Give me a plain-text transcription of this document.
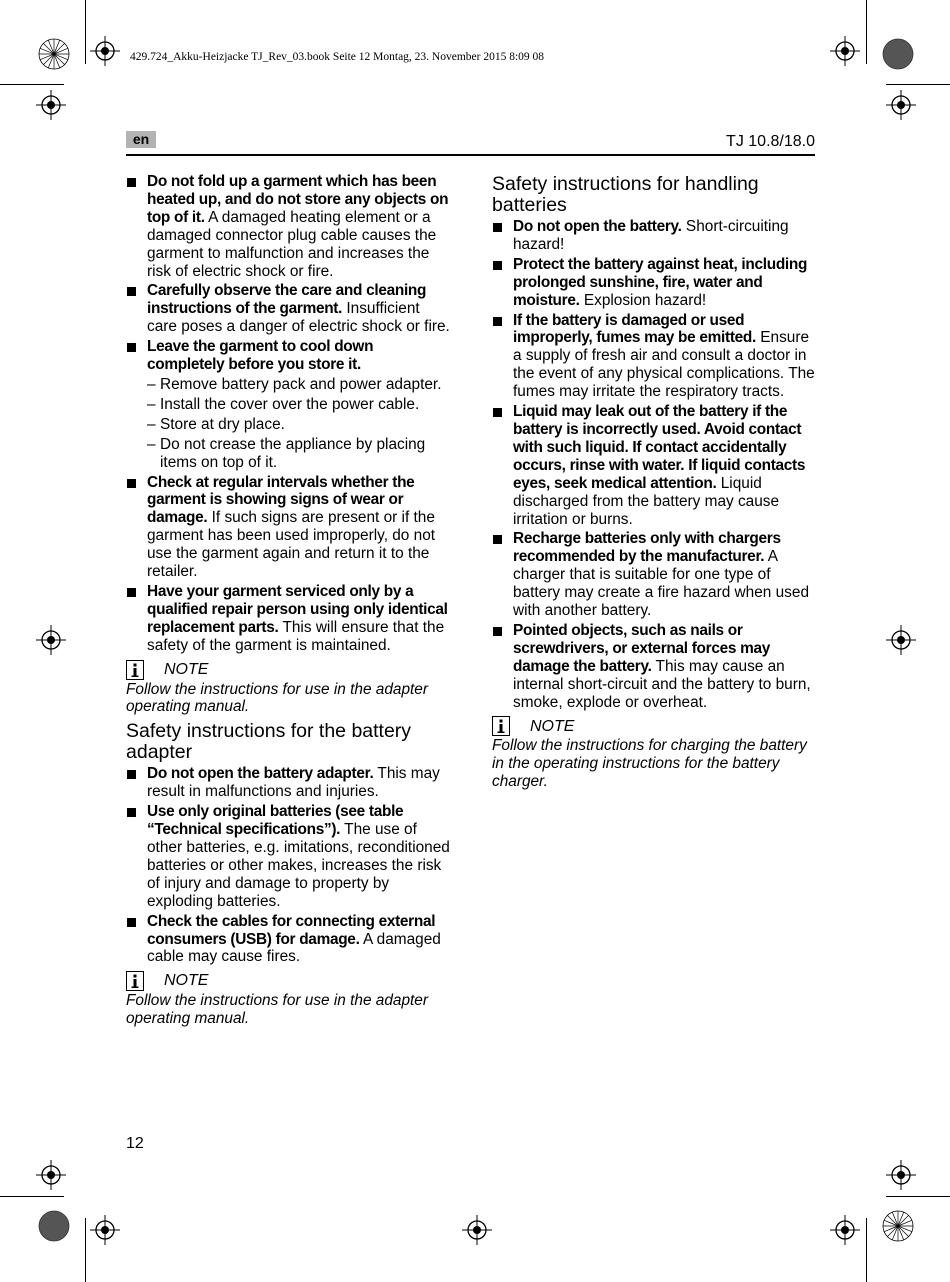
429.724_Akku-Heizjacke TJ_Rev_03.book Seite 12 Montag, 23. November 2015 8:09 08
en	TJ 10.8/18.0
Do not fold up a garment which has been heated up, and do not store any objects on top of it. A damaged heating element or a damaged connector plug cable causes the garment to malfunction and increases the risk of electric shock or fire.
Carefully observe the care and cleaning instructions of the garment. Insufficient care poses a danger of electric shock or fire.
Leave the garment to cool down completely before you store it.
– Remove battery pack and power adapter.
– Install the cover over the power cable.
– Store at dry place.
– Do not crease the appliance by placing items on top of it.
Check at regular intervals whether the garment is showing signs of wear or damage. If such signs are present or if the garment has been used improperly, do not use the garment again and return it to the retailer.
Have your garment serviced only by a qualified repair person using only identical replacement parts. This will ensure that the safety of the garment is maintained.
NOTE
Follow the instructions for use in the adapter operating manual.
Safety instructions for the battery adapter
Do not open the battery adapter. This may result in malfunctions and injuries.
Use only original batteries (see table “Technical specifications”). The use of other batteries, e.g. imitations, reconditioned batteries or other makes, increases the risk of injury and damage to property by exploding batteries.
Check the cables for connecting external consumers (USB) for damage. A damaged cable may cause fires.
NOTE
Follow the instructions for use in the adapter operating manual.
Safety instructions for handling batteries
Do not open the battery. Short-circuiting hazard!
Protect the battery against heat, including prolonged sunshine, fire, water and moisture. Explosion hazard!
If the battery is damaged or used improperly, fumes may be emitted. Ensure a supply of fresh air and consult a doctor in the event of any physical complications. The fumes may irritate the respiratory tracts.
Liquid may leak out of the battery if the battery is incorrectly used. Avoid contact with such liquid. If contact accidentally occurs, rinse with water. If liquid contacts eyes, seek medical attention. Liquid discharged from the battery may cause irritation or burns.
Recharge batteries only with chargers recommended by the manufacturer. A charger that is suitable for one type of battery may create a fire hazard when used with another battery.
Pointed objects, such as nails or screwdrivers, or external forces may damage the battery. This may cause an internal short-circuit and the battery to burn, smoke, explode or overheat.
NOTE
Follow the instructions for charging the battery in the operating instructions for the battery charger.
12
